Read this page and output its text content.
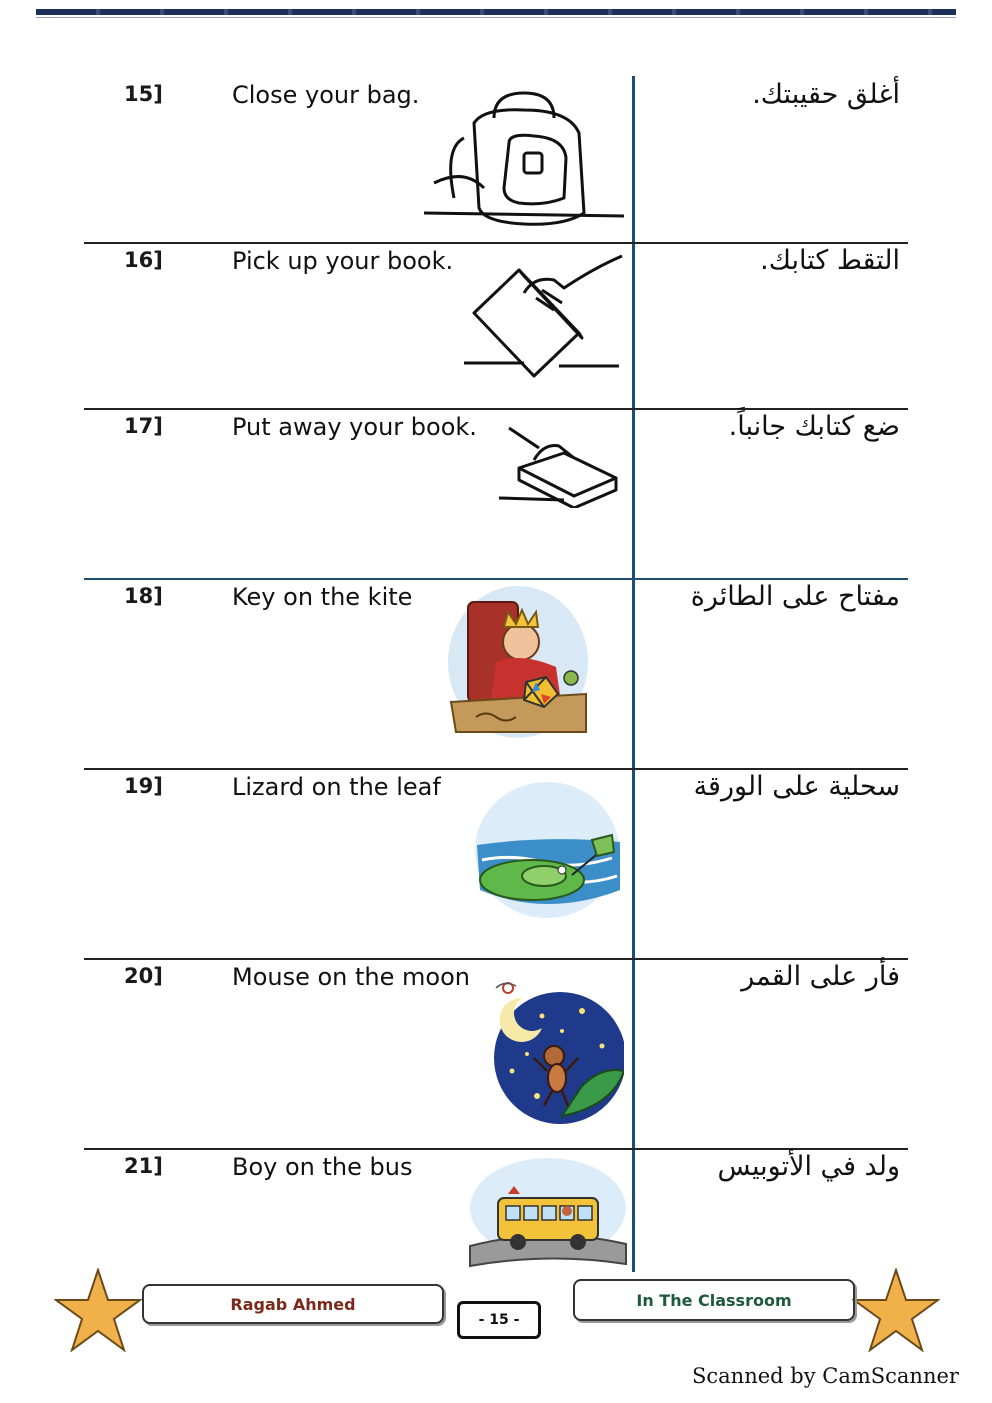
15]	Close your bag.	أغلق حقيبتك.
16]	Pick up your book.	التقط كتابك.
17]	Put away your book.	ضع كتابك جانباً.
18]	Key on the kite	مفتاح على الطائرة
19]	Lizard on the leaf	سحلية على الورقة
20]	Mouse on the moon	فأر على القمر
21]	Boy on the bus	ولد في الأتوبيس
Ragab Ahmed
- 15 -
In The Classroom
Scanned by CamScanner
